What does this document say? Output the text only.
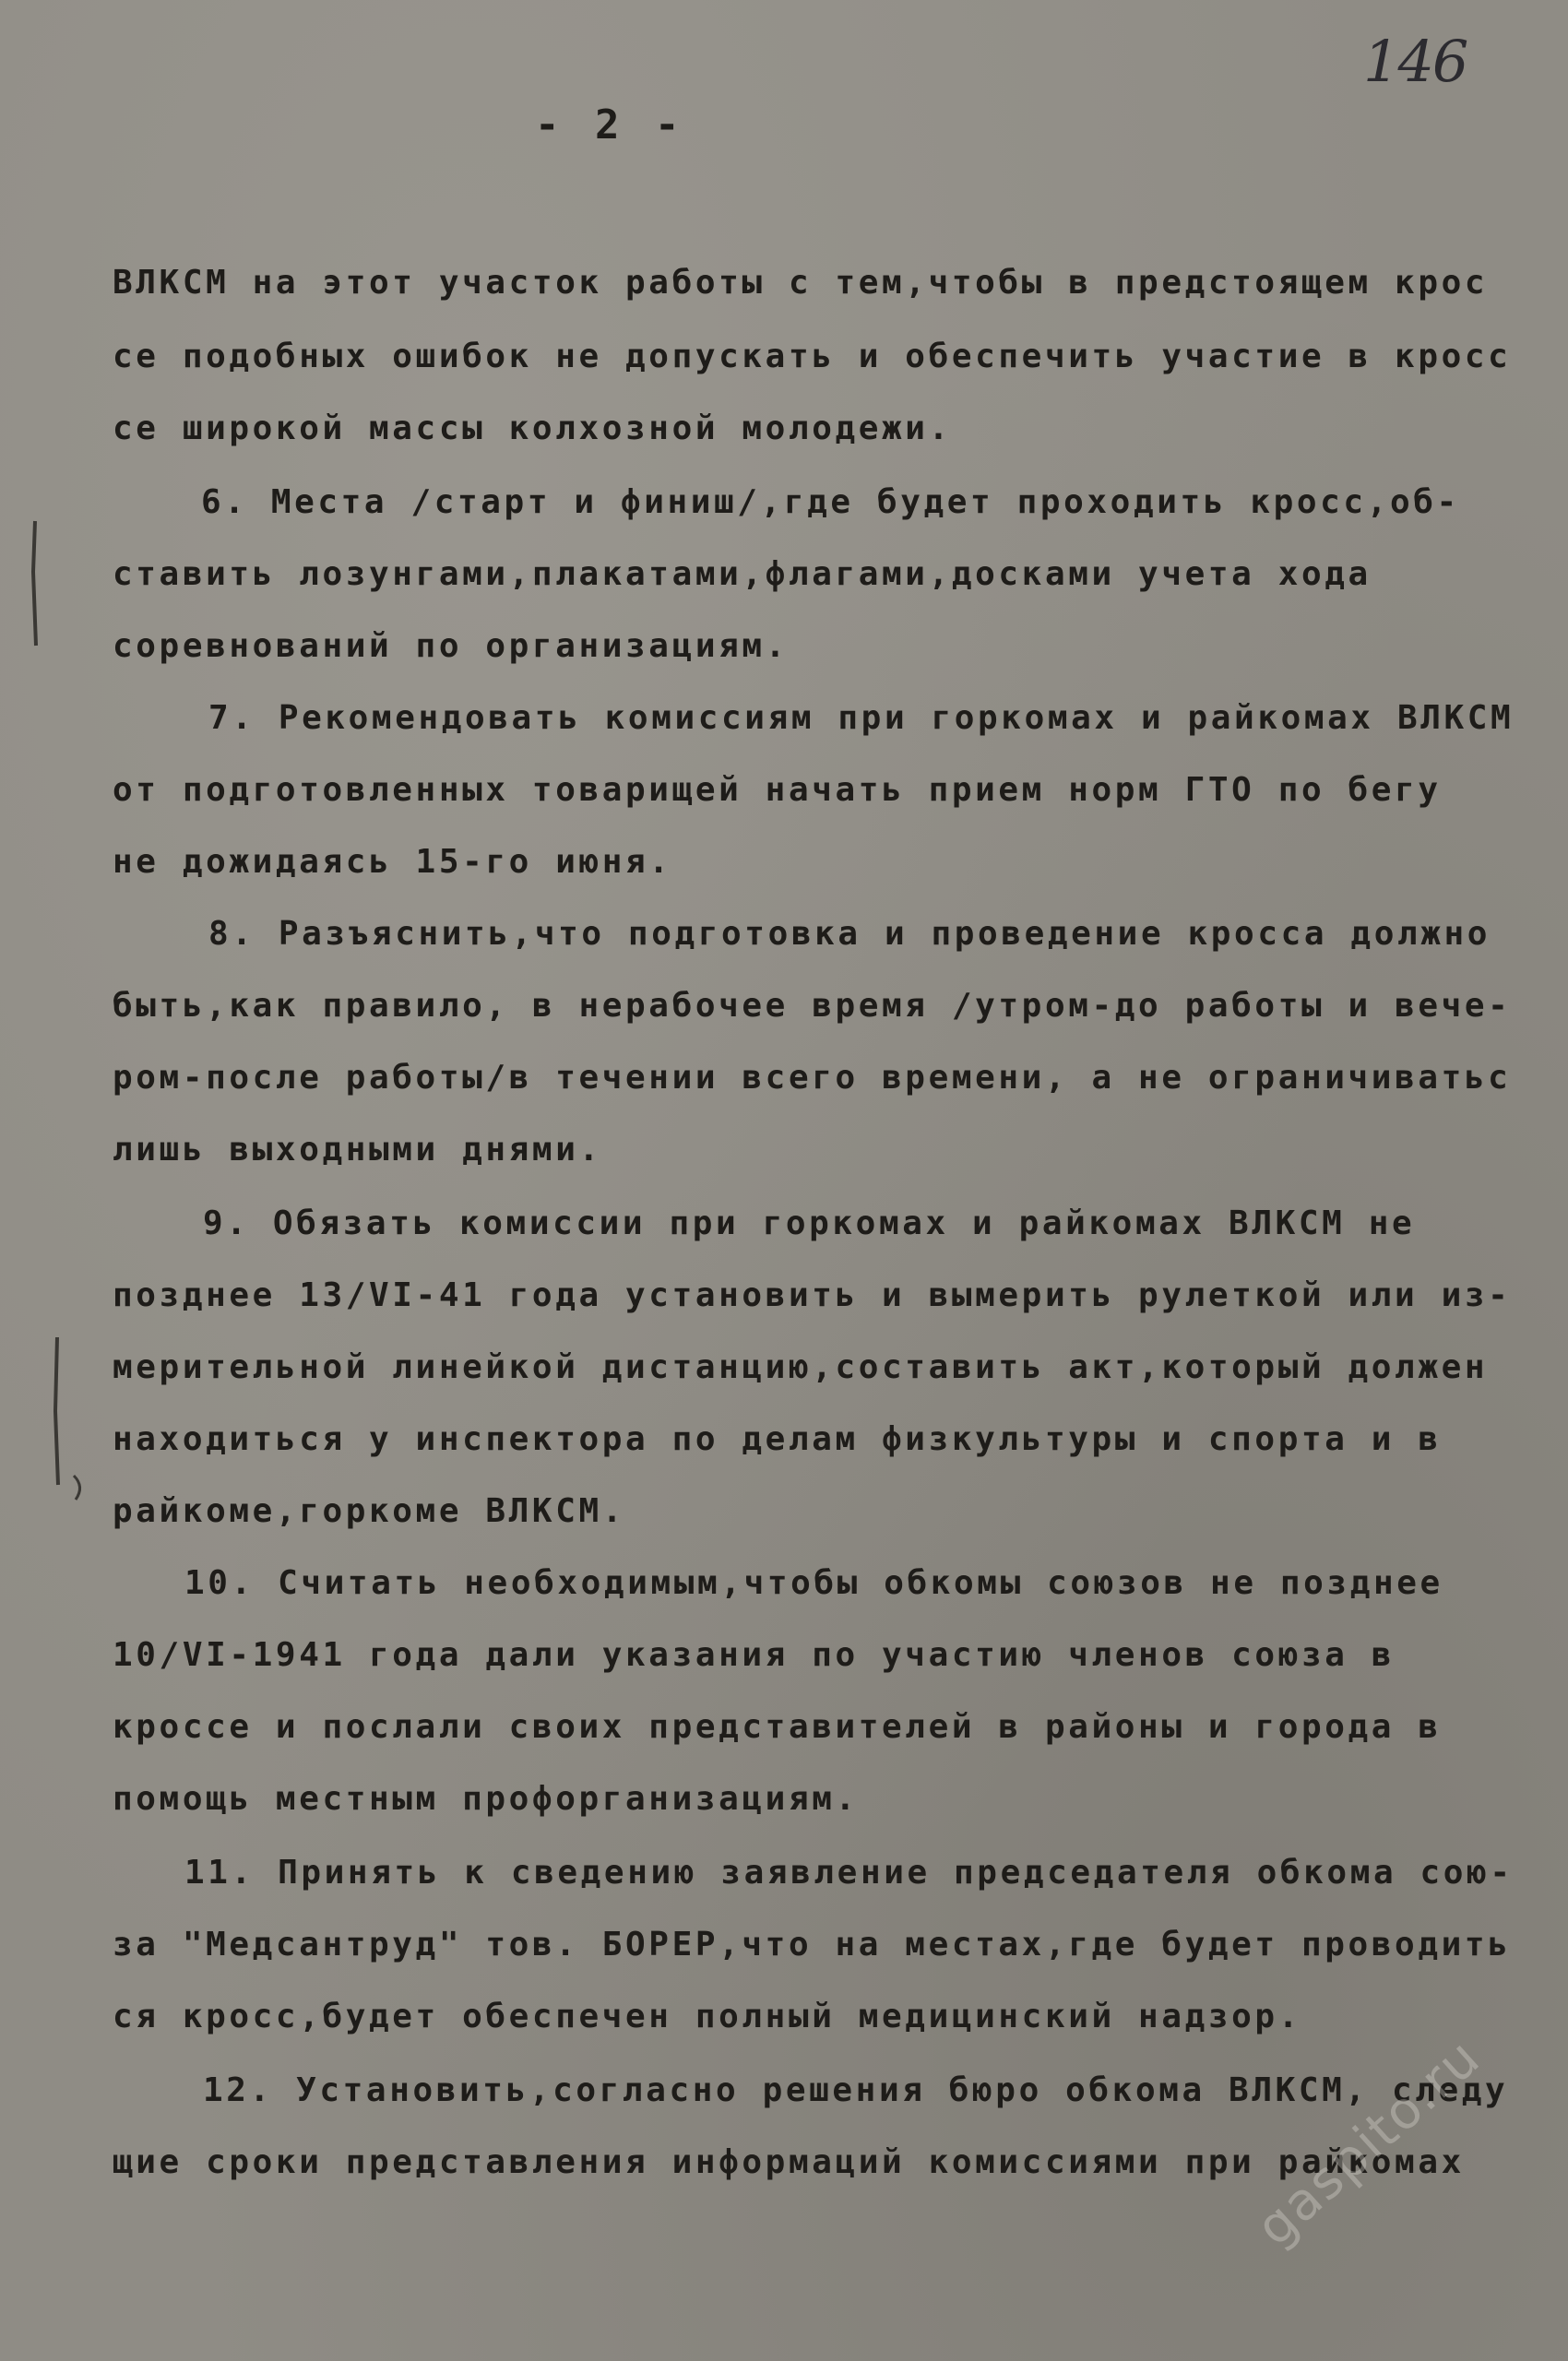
- 2 -
146
ВЛКСМ на этот участок работы с тем,чтобы в предстоящем крос
се подобных ошибок не допускать и обеспечить участие в кросс
се широкой массы колхозной молодежи.
6. Места /старт и финиш/,где будет проходить кросс,об-
ставить лозунгами,плакатами,флагами,досками учета хода
соревнований по организациям.
7. Рекомендовать комиссиям при горкомах и райкомах ВЛКСМ
от подготовленных товарищей начать прием норм ГТО по бегу
не дожидаясь 15-го июня.
8. Разъяснить,что подготовка и проведение кросса должно
быть,как правило, в нерабочее время /утром-до работы и вече-
ром-после работы/в течении всего времени, а не ограничиватьс
лишь выходными днями.
9. Обязать комиссии при горкомах и райкомах ВЛКСМ не
позднее 13/VI-41 года установить и вымерить рулеткой или из-
мерительной линейкой дистанцию,составить акт,который должен
находиться у инспектора по делам физкультуры и спорта и в
райкоме,горкоме ВЛКСМ.
10. Считать необходимым,чтобы обкомы союзов не позднее
10/VI-1941 года дали указания по участию членов союза в
кроссе и послали своих представителей в районы и города в
помощь местным профорганизациям.
11. Принять к сведению заявление председателя обкома сою-
за "Медсантруд" тов. БОРЕР,что на местах,где будет проводить
ся кросс,будет обеспечен полный медицинский надзор.
12. Установить,согласно решения бюро обкома ВЛКСМ, следу
щие сроки представления информаций комиссиями при райкомах
gaspito.ru
